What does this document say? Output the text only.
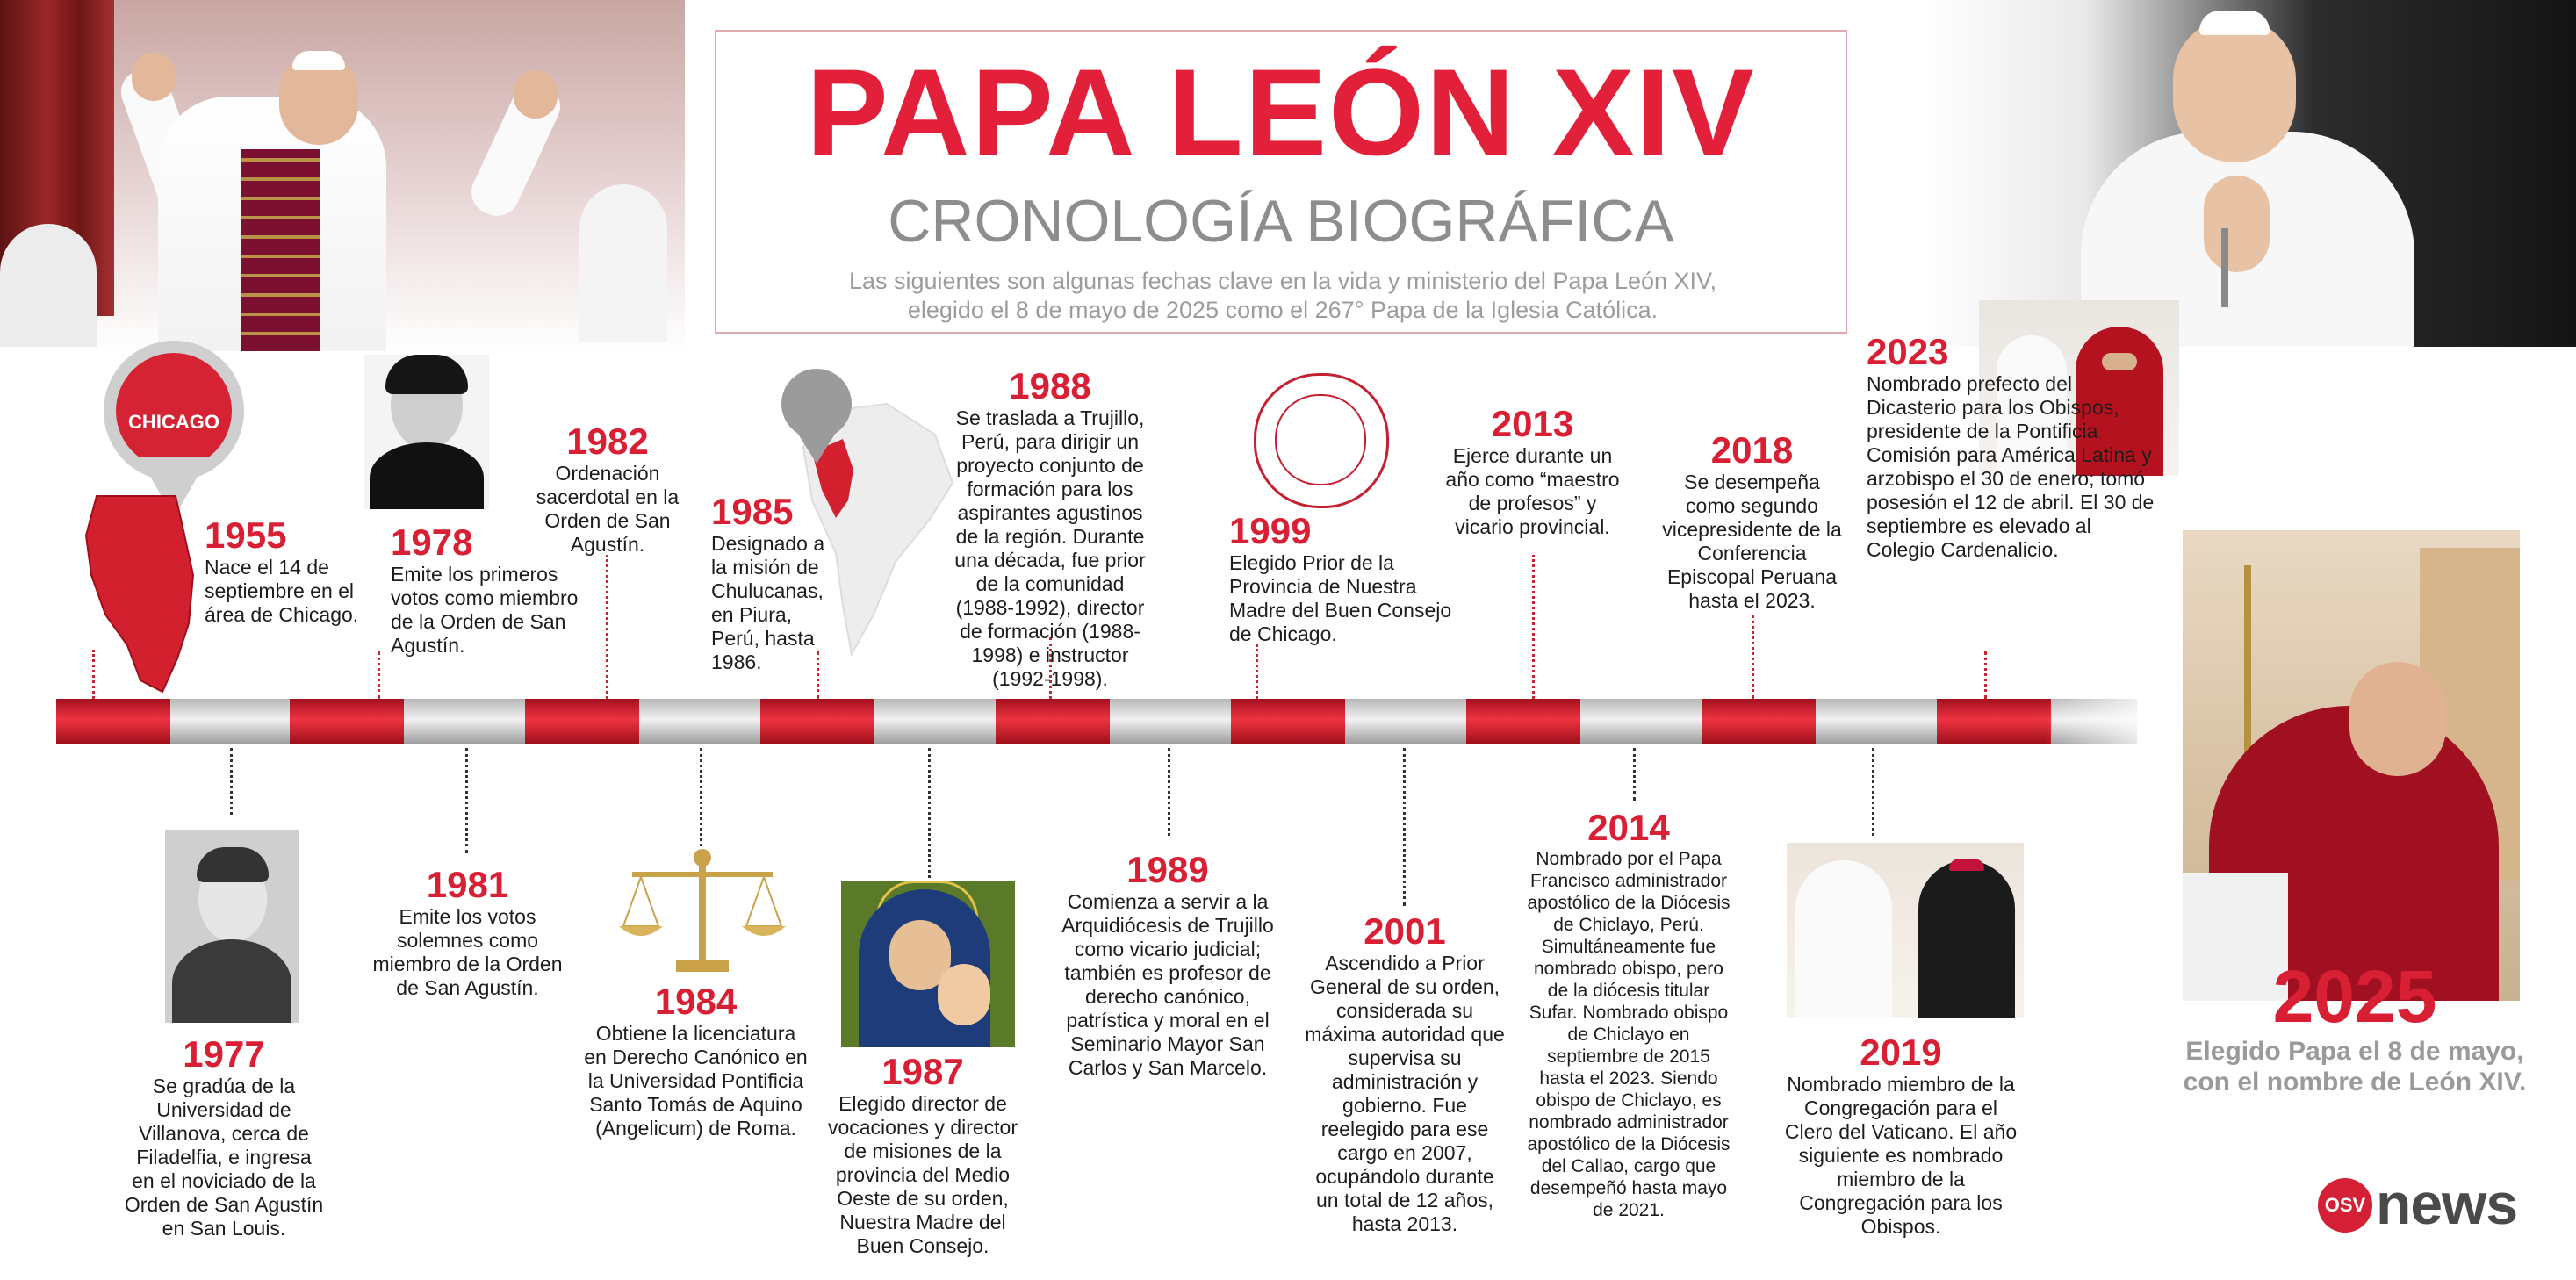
PAPA LEÓN XIV
CRONOLOGÍA BIOGRÁFICA
Las siguientes son algunas fechas clave en la vida y ministerio del Papa León XIV,
elegido el 8 de mayo de 2025 como el 267° Papa de la Iglesia Católica.
CHICAGO
1955
Nace el 14 de septiembre en el área de Chicago.
1978
Emite los primeros votos como miembro de la Orden de San Agustín.
1982
Ordenación sacerdotal en la Orden de San Agustín.
1985
Designado a la misión de Chulucanas, en Piura, Perú, hasta 1986.
1988
Se traslada a Trujillo, Perú, para dirigir un proyecto conjunto de formación para los aspirantes agustinos de la región. Durante una década, fue prior de la comunidad (1988-1992), director de formación (1988-1998) e instructor (1992-1998).
1999
Elegido Prior de la Provincia de Nuestra Madre del Buen Consejo de Chicago.
2013
Ejerce durante un año como “maestro de profesos” y vicario provincial.
2018
Se desempeña como segundo vicepresidente de la Conferencia Episcopal Peruana hasta el 2023.
2023
Nombrado prefecto del Dicasterio para los Obispos, presidente de la Pontificia Comisión para América Latina y arzobispo el 30 de enero; tomó posesión el 12 de abril. El 30 de septiembre es elevado al Colegio Cardenalicio.
1977
Se gradúa de la Universidad de Villanova, cerca de Filadelfia, e ingresa en el noviciado de la Orden de San Agustín en San Louis.
1981
Emite los votos solemnes como miembro de la Orden de San Agustín.	1984
Obtiene la licenciatura en Derecho Canónico en la Universidad Pontificia Santo Tomás de Aquino (Angelicum) de Roma.
1987
Elegido director de vocaciones y director de misiones de la provincia del Medio Oeste de su orden, Nuestra Madre del Buen Consejo.
1989
Comienza a servir a la Arquidiócesis de Trujillo como vicario judicial; también es profesor de derecho canónico, patrística y moral en el Seminario Mayor San Carlos y San Marcelo.
2001
Ascendido a Prior General de su orden, considerada su máxima autoridad que supervisa su administración y gobierno. Fue reelegido para ese cargo en 2007, ocupándolo durante un total de 12 años, hasta 2013.
2014
Nombrado por el Papa Francisco administrador apostólico de la Diócesis de Chiclayo, Perú. Simultáneamente fue nombrado obispo, pero de la diócesis titular Sufar. Nombrado obispo de Chiclayo en septiembre de 2015 hasta el 2023. Siendo obispo de Chiclayo, es nombrado administrador apostólico de la Diócesis del Callao, cargo que desempeñó hasta mayo de 2021.
2019
Nombrado miembro de la Congregación para el Clero del Vaticano. El año siguiente es nombrado miembro de la Congregación para los Obispos.
2025
Elegido Papa el 8 de mayo, con el nombre de León XIV.
OSV news
